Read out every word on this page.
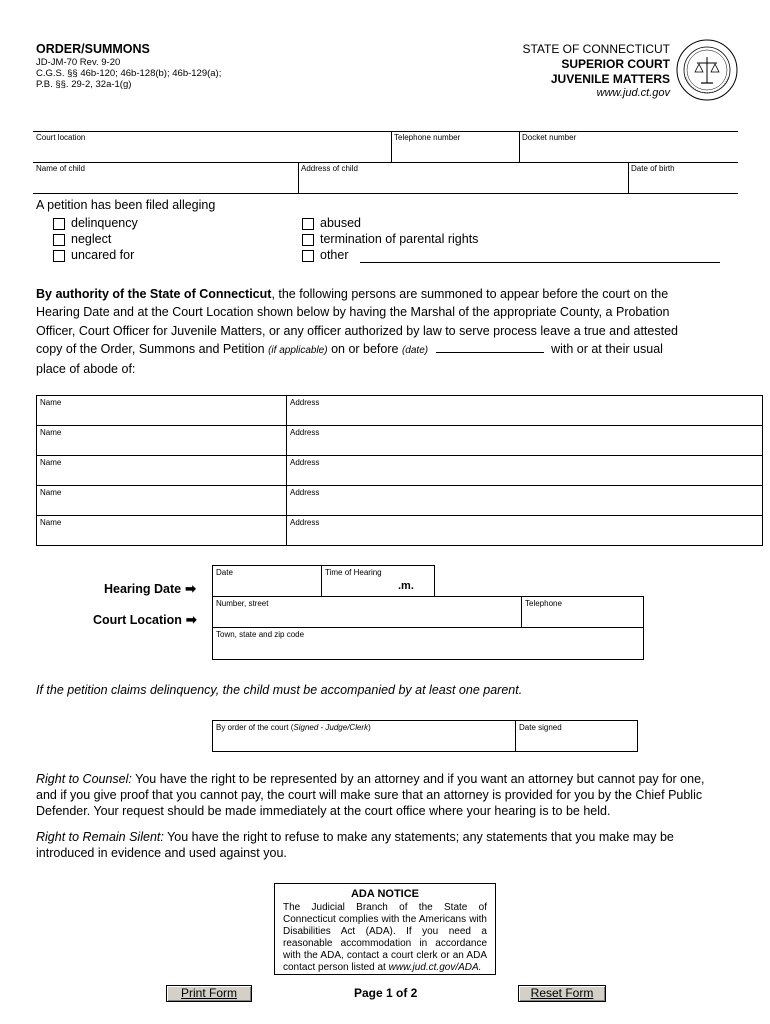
ORDER/SUMMONS
JD-JM-70 Rev. 9-20
C.G.S. §§ 46b-120; 46b-128(b); 46b-129(a);
P.B. §§. 29-2, 32a-1(g)
STATE OF CONNECTICUT
SUPERIOR COURT
JUVENILE MATTERS
www.jud.ct.gov
Court location	Telephone number	Docket number
Name of child	Address of child	Date of birth
A petition has been filed alleging
delinquency
neglect
uncared for
abused
termination of parental rights
other
By authority of the State of Connecticut, the following persons are summoned to appear before the court on the
Hearing Date and at the Court Location shown below by having the Marshal of the appropriate County, a Probation
Officer, Court Officer for Juvenile Matters, or any officer authorized by law to serve process leave a true and attested
copy of the Order, Summons and Petition (if applicable) on or before (date)	with or at their usual
place of abode of:
Name	Address
Name	Address
Name	Address
Name	Address
Name	Address
Hearing Date ➡
Court Location ➡
Date	Time of Hearing
.m.
Number, street	Telephone
Town, state and zip code
If the petition claims delinquency, the child must be accompanied by at least one parent.
By order of the court (Signed - Judge/Clerk)	Date signed
Right to Counsel: You have the right to be represented by an attorney and if you want an attorney but cannot pay for one,
and if you give proof that you cannot pay, the court will make sure that an attorney is provided for you by the Chief Public
Defender. Your request should be made immediately at the court office where your hearing is to be held.
Right to Remain Silent: You have the right to refuse to make any statements; any statements that you make may be
introduced in evidence and used against you.
ADA NOTICE
The Judicial Branch of the State of Connecticut complies with the Americans with Disabilities Act (ADA). If you need a reasonable accommodation in accordance with the ADA, contact a court clerk or an ADA contact person listed at www.jud.ct.gov/ADA.
Print Form	Page 1 of 2	Reset Form
